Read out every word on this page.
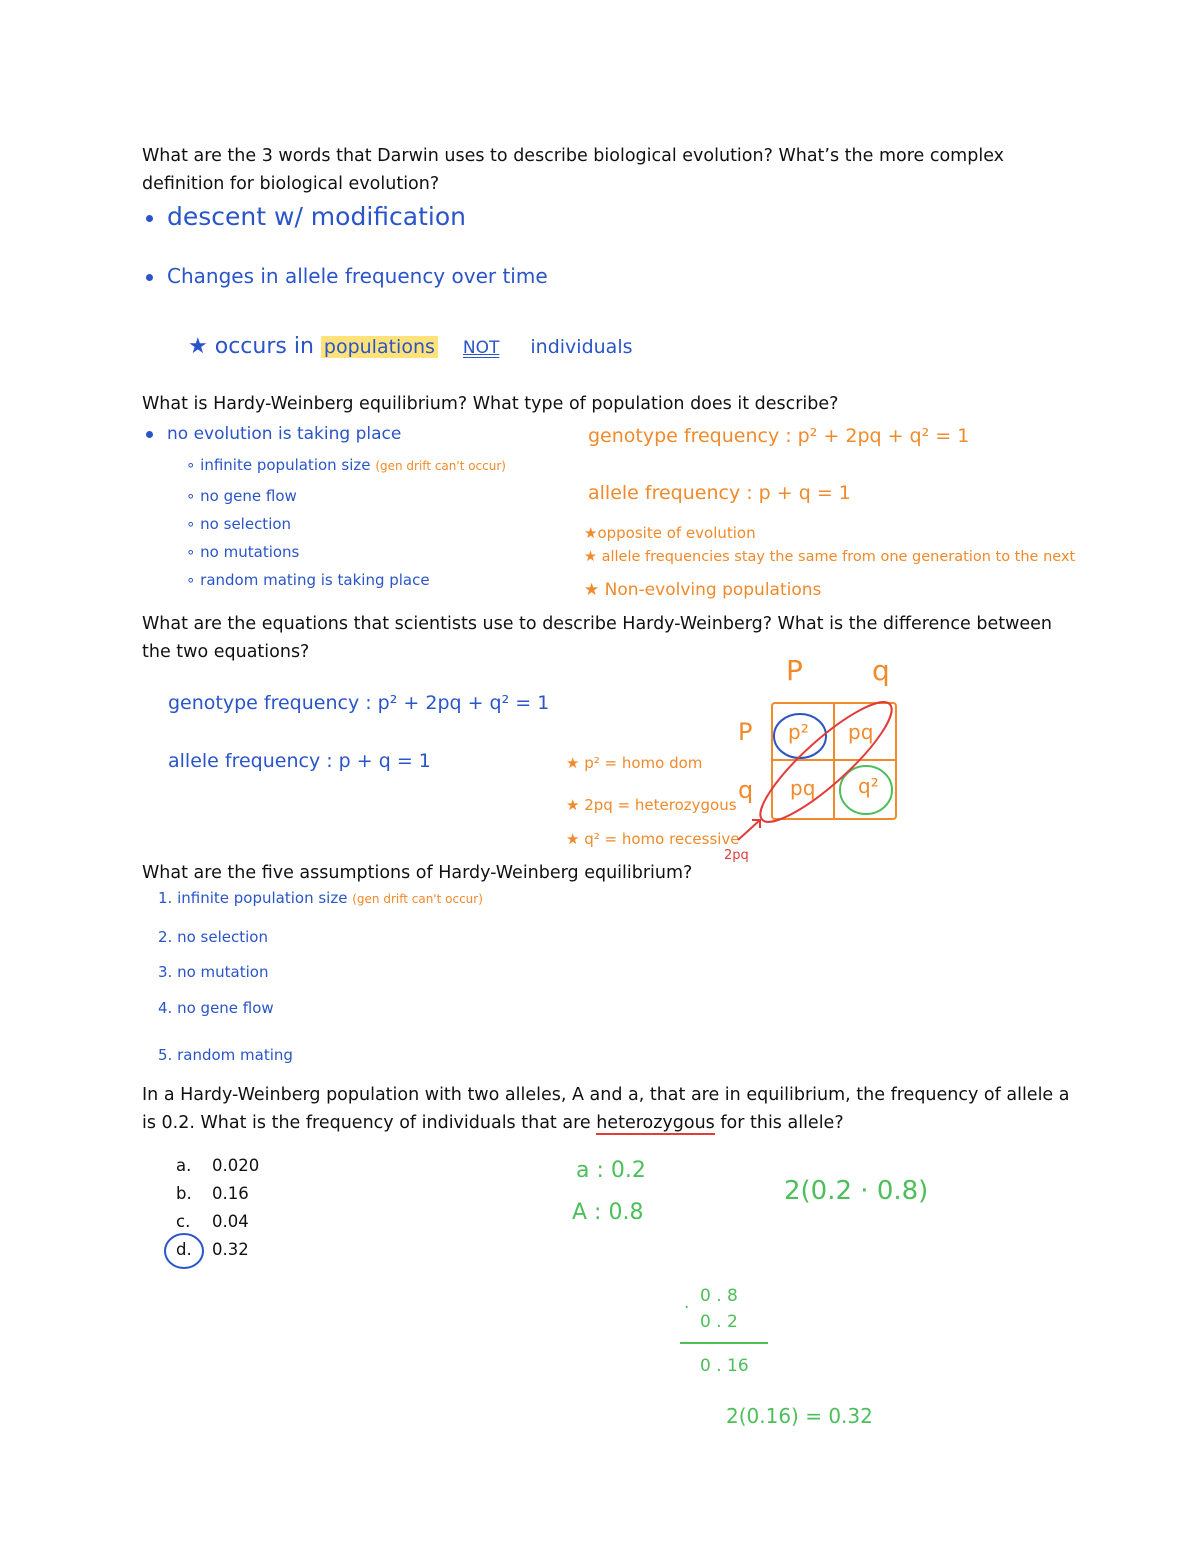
What are the 3 words that Darwin uses to describe biological evolution? What’s the more complex definition for biological evolution?
descent w/ modification
Changes in allele frequency over time
★ occurs in populations NOT individuals
What is Hardy-Weinberg equilibrium? What type of population does it describe?
no evolution is taking place
∘ infinite population size (gen drift can't occur)
∘ no gene flow
∘ no selection
∘ no mutations
∘ random mating is taking place
genotype frequency : p² + 2pq + q² = 1
allele frequency : p + q = 1
★opposite of evolution
★ allele frequencies stay the same from one generation to the next
★ Non-evolving populations
What are the equations that scientists use to describe Hardy-Weinberg? What is the difference between the two equations?
genotype frequency : p² + 2pq + q² = 1
allele frequency : p + q = 1	★ p² = homo dom
★ 2pq = heterozygous
★ q² = homo recessive
2pq
P q
P
q
p² pq
pq q²
What are the five assumptions of Hardy-Weinberg equilibrium?
1. infinite population size (gen drift can't occur)
2. no selection
3. no mutation
4. no gene flow
5. random mating
In a Hardy-Weinberg population with two alleles, A and a, that are in equilibrium, the frequency of allele a is 0.2. What is the frequency of individuals that are heterozygous for this allele?
a. 0.020
b. 0.16
c. 0.04
d. 0.32
a : 0.2
A : 0.8
2(0.2 · 0.8)
0 . 8
·
0 . 2
0 . 16
2(0.16) = 0.32
